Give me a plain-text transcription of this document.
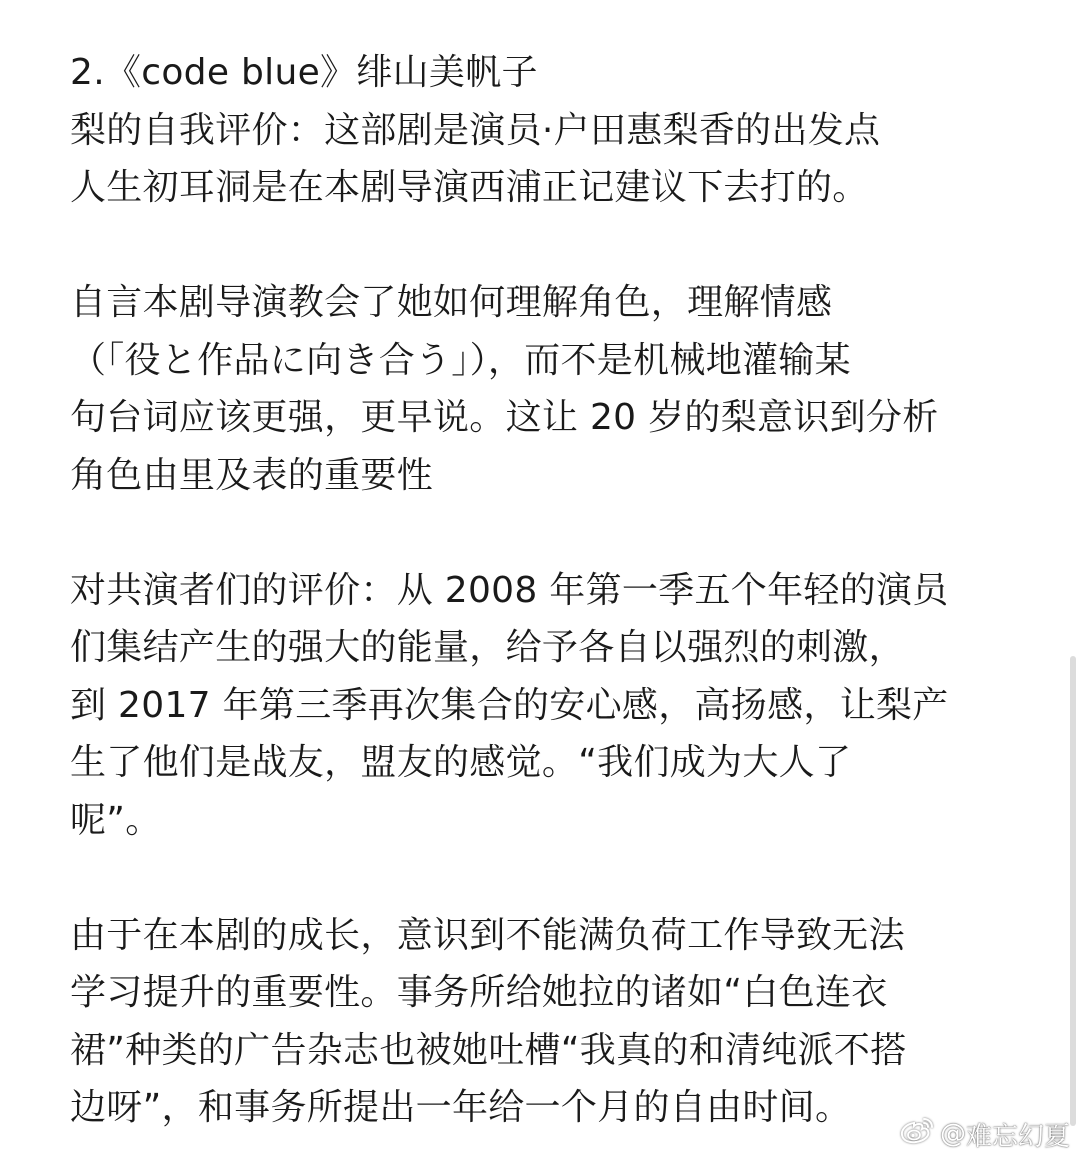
2.《code blue》绯山美帆子
梨的自我评价：这部剧是演员·户田惠梨香的出发点
人生初耳洞是在本剧导演西浦正记建议下去打的。
自言本剧导演教会了她如何理解角色，理解情感
（「役と作品に向き合う」），而不是机械地灌输某
句台词应该更强，更早说。这让 20 岁的梨意识到分析
角色由里及表的重要性
对共演者们的评价：从 2008 年第一季五个年轻的演员
们集结产生的强大的能量，给予各自以强烈的刺激，
到 2017 年第三季再次集合的安心感，高扬感，让梨产
生了他们是战友，盟友的感觉。“我们成为大人了
呢”。
由于在本剧的成长，意识到不能满负荷工作导致无法
学习提升的重要性。事务所给她拉的诸如“白色连衣
裙”种类的广告杂志也被她吐槽“我真的和清纯派不搭
边呀”，和事务所提出一年给一个月的自由时间。
@ 难忘幻夏
